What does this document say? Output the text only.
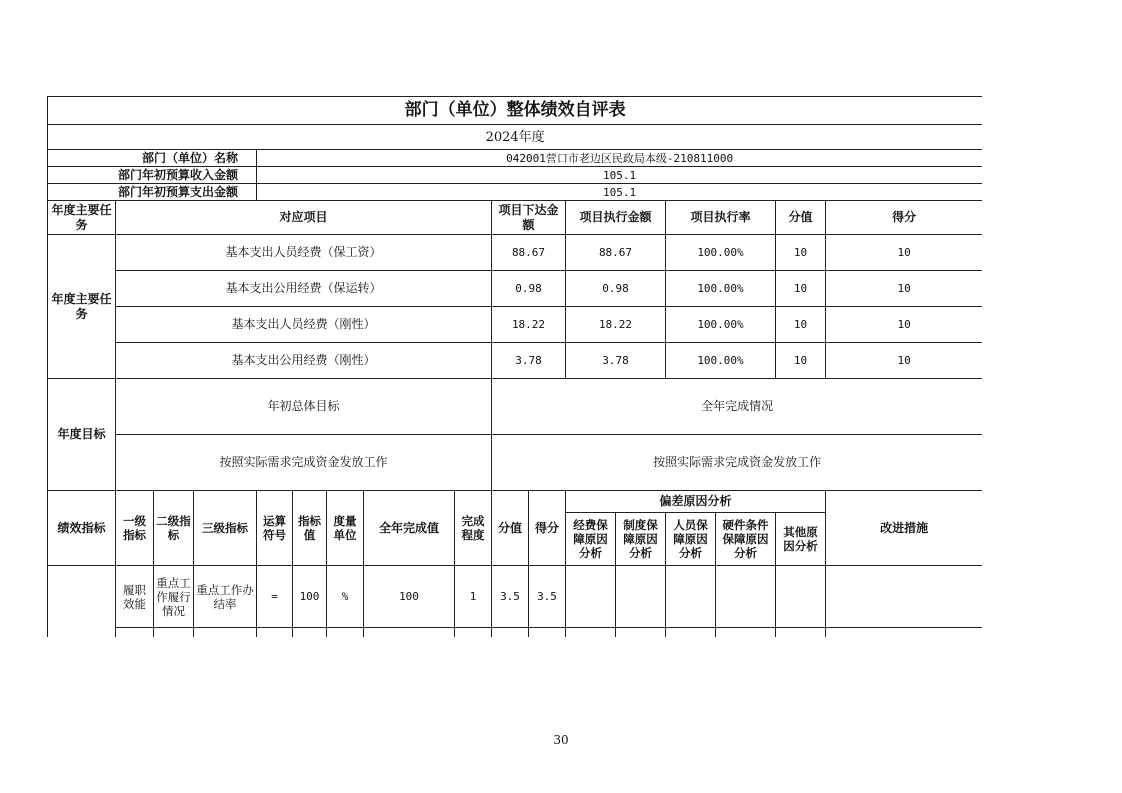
部门（单位）整体绩效自评表																
2024年度																
部门（单位）名称				042001营口市老边区民政局本级-210811000												
部门年初预算收入金额				105.1												
部门年初预算支出金额				105.1												
年度主要任务	对应项目								项目下达金额		项目执行金额		项目执行率		分值	得分
年度主要任务	基本支出人员经费（保工资）								88.67		88.67		100.00%		10	10
	基本支出公用经费（保运转）								0.98		0.98		100.00%		10	10
	基本支出人员经费（刚性）								18.22		18.22		100.00%		10	10
	基本支出公用经费（刚性）								3.78		3.78		100.00%		10	10
年度目标	年初总体目标								全年完成情况							
	按照实际需求完成资金发放工作								按照实际需求完成资金发放工作							
绩效指标	一级指标	二级指标	三级指标	运算符号	指标值	度量单位	全年完成值	完成程度	分值	得分	偏差原因分析					改进措施
											经费保障原因分析	制度保障原因分析	人员保障原因分析	硬件条件保障原因分析	其他原因分析	
	履职效能	重点工作履行情况	重点工作办结率	=	100	%	100	1	3.5	3.5						

30
